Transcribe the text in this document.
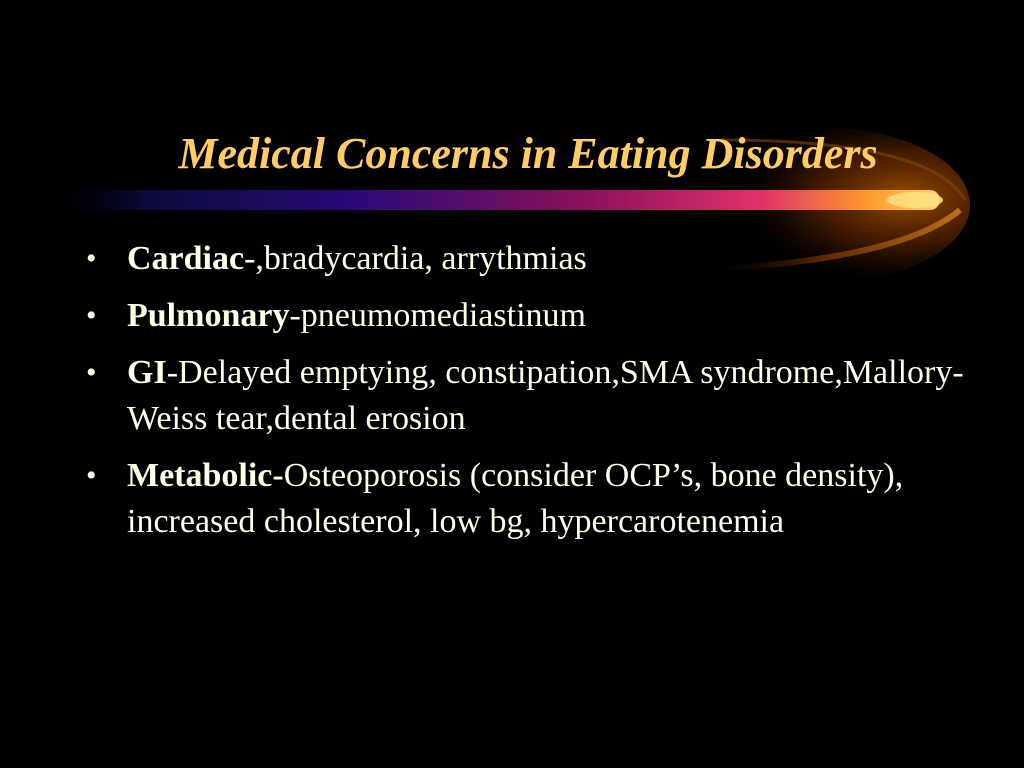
Medical Concerns in Eating Disorders
• Cardiac-,bradycardia, arrythmias
• Pulmonary-pneumomediastinum
• GI-Delayed emptying, constipation,SMA syndrome,Mallory-Weiss tear,dental erosion
• Metabolic-Osteoporosis (consider OCP’s, bone density), increased cholesterol, low bg, hypercarotenemia
